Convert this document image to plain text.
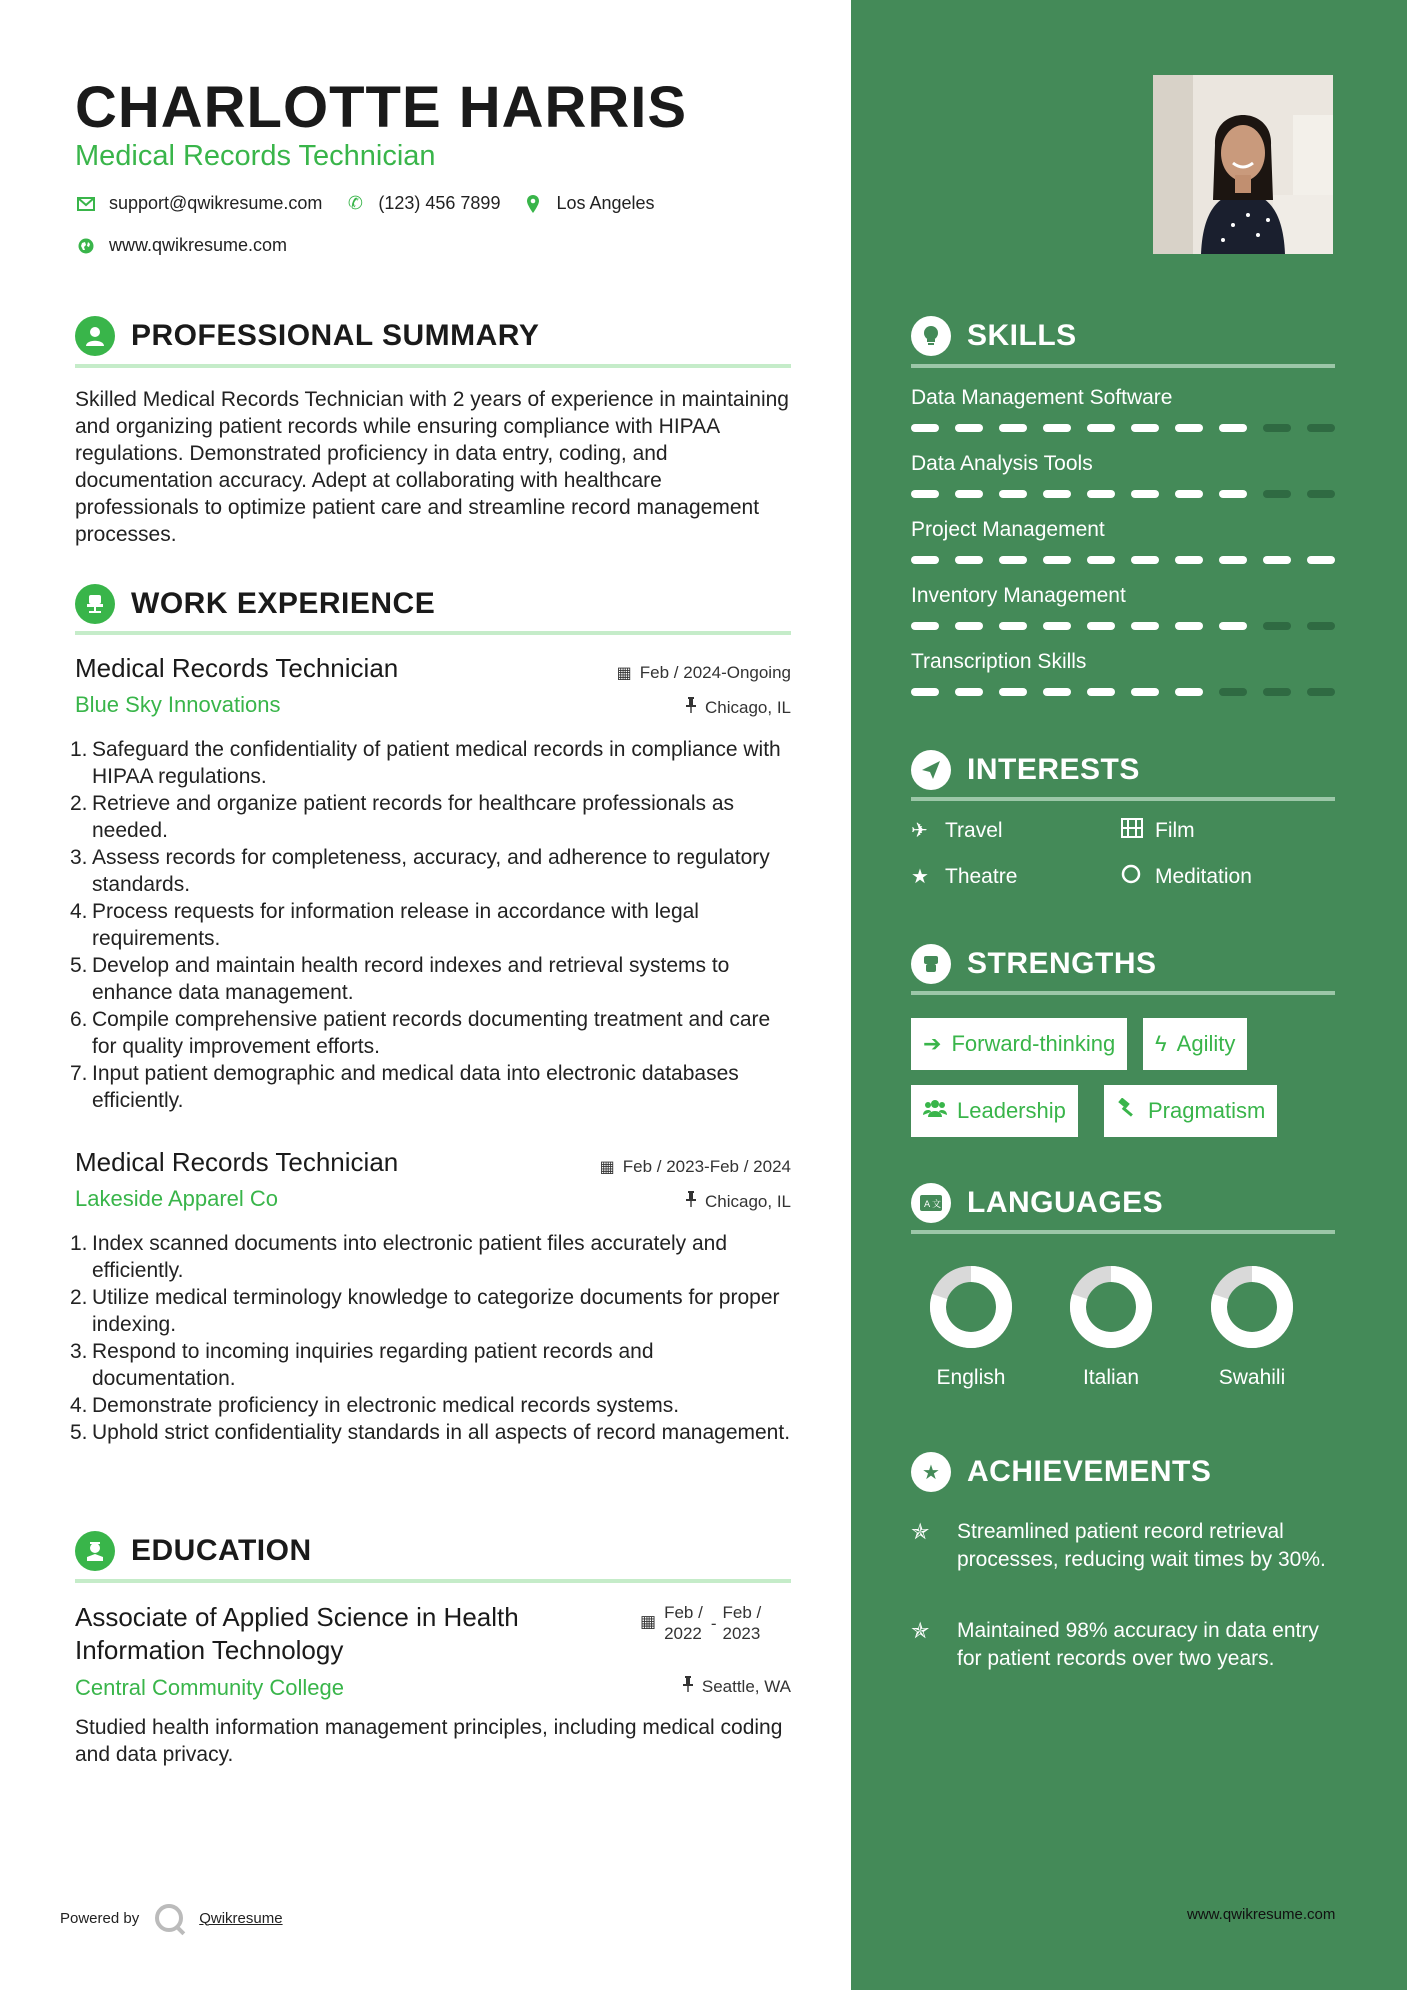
CHARLOTTE HARRIS
Medical Records Technician
support@qwikresume.com ✆ (123) 456 7899	Los Angeles
www.qwikresume.com
PROFESSIONAL SUMMARY
Skilled Medical Records Technician with 2 years of experience in maintaining and organizing patient records while ensuring compliance with HIPAA regulations. Demonstrated proficiency in data entry, coding, and documentation accuracy. Adept at collaborating with healthcare professionals to optimize patient care and streamline record management processes.
WORK EXPERIENCE
Medical Records Technician	▦ Feb / 2024-Ongoing
Blue Sky Innovations	Chicago, IL
1. Safeguard the confidentiality of patient medical records in compliance with HIPAA regulations.
2. Retrieve and organize patient records for healthcare professionals as needed.
3. Assess records for completeness, accuracy, and adherence to regulatory standards.
4. Process requests for information release in accordance with legal requirements.
5. Develop and maintain health record indexes and retrieval systems to enhance data management.
6. Compile comprehensive patient records documenting treatment and care for quality improvement efforts.
7. Input patient demographic and medical data into electronic databases efficiently.
Medical Records Technician	▦ Feb / 2023-Feb / 2024
Lakeside Apparel Co	Chicago, IL
1. Index scanned documents into electronic patient files accurately and efficiently.
2. Utilize medical terminology knowledge to categorize documents for proper indexing.
3. Respond to incoming inquiries regarding patient records and documentation.
4. Demonstrate proficiency in electronic medical records systems.
5. Uphold strict confidentiality standards in all aspects of record management.
EDUCATION
Associate of Applied Science in Health
Information Technology
▦ Feb /
2022
-
Feb /
2023
Central Community College	Seattle, WA
Studied health information management principles, including medical coding and data privacy.
Powered by	Qwikresume
SKILLS
Data Management Software
Data Analysis Tools
Project Management
Inventory Management
Transcription Skills
INTERESTS
✈ Travel	Film
★ Theatre	Meditation
STRENGTHS
➔ Forward-thinking ϟ Agility
Leadership	Pragmatism
A 文 LANGUAGES
English	Italian	Swahili
★ ACHIEVEMENTS
✯	Streamlined patient record retrieval processes, reducing wait times by 30%.
✯	Maintained 98% accuracy in data entry for patient records over two years.
www.qwikresume.com
